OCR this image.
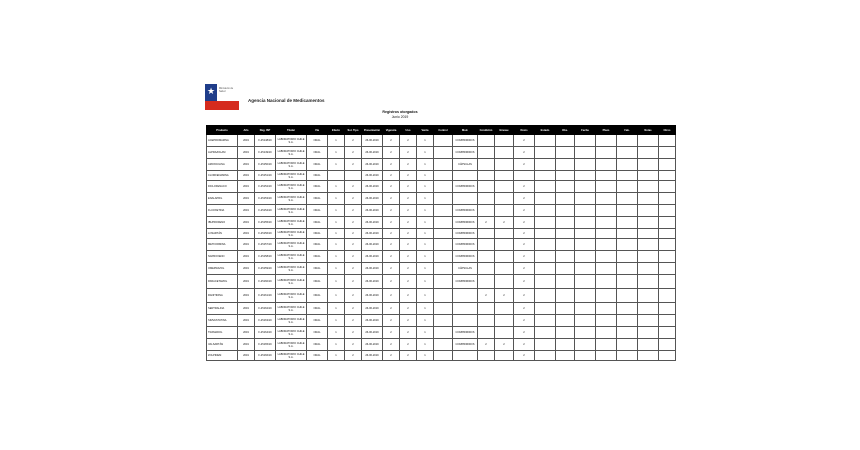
★ Ministerio de Salud
Agencia Nacional de Medicamentos
Registros otorgados
Junio 2019
Producto	Año	Reg. ISP	Titular	Vía	Efecto	Sol. Tipo	Presentación	Vigencia	Uso	Venta	Control	Mod.	Condición	Envase	Dosis	Estado	Obs.	Fecha	Plazo	Fab.	Notas	Otros
ACEPROMAZINA	2019	F-25148/19	LABORATORIO CHILE S.A.	ORAL	1	2	26-06-2019	2	2	1		COMPRIMIDOS			2							
ALPRAZOLAM	2019	F-25149/19	LABORATORIO CHILE S.A.	ORAL	1	2	26-06-2019	2	2	1		COMPRIMIDOS			2							
AMOXICILINA	2019	F-25150/19	LABORATORIO CHILE S.A.	ORAL	1	2	26-06-2019	2	2	1		CÁPSULAS			2							
CLORFENAMINA	2019	F-25151/19	LABORATORIO CHILE S.A.	ORAL			26-06-2019	2	2	1												
DICLOFENACO	2019	F-25152/19	LABORATORIO CHILE S.A.	ORAL	1	2	26-06-2019	2	2	1		COMPRIMIDOS			2							
ENALAPRIL	2019	F-25153/19	LABORATORIO CHILE S.A.	ORAL	1	2	26-06-2019	2	2	1					2							
FLUOXETINA	2019	F-25154/19	LABORATORIO CHILE S.A.	ORAL	1	2	26-06-2019	2	2	1		COMPRIMIDOS			2							
IBUPROFENO	2019	F-25155/19	LABORATORIO CHILE S.A.	ORAL	1	2	26-06-2019	2	2	1		COMPRIMIDOS	2	2	2							
LOSARTÁN	2019	F-25156/19	LABORATORIO CHILE S.A.	ORAL	1	2	26-06-2019	2	2	1		COMPRIMIDOS			2							
METFORMINA	2019	F-25157/19	LABORATORIO CHILE S.A.	ORAL	1	2	26-06-2019	2	2	1		COMPRIMIDOS			2							
NAPROXENO	2019	F-25158/19	LABORATORIO CHILE S.A.	ORAL	1	2	26-06-2019	2	2	1		COMPRIMIDOS			2							
OMEPRAZOL	2019	F-25159/19	LABORATORIO CHILE S.A.	ORAL	1	2	26-06-2019	2	2	1		CÁPSULAS			2							
PARACETAMOL	2019	F-25160/19	LABORATORIO CHILE S.A.	ORAL	1	2	26-06-2019	2	2	1		COMPRIMIDOS			2							
RANITIDINA	2019	F-25161/19	LABORATORIO CHILE S.A.	ORAL	1	2	26-06-2019	2	2	1			2	2	2							
SERTRALINA	2019	F-25162/19	LABORATORIO CHILE S.A.	ORAL	1	2	26-06-2019	2	2	1					2							
SIMVASTATINA	2019	F-25163/19	LABORATORIO CHILE S.A.	ORAL	1	2	26-06-2019	2	2	1					2							
TRAMADOL	2019	F-25164/19	LABORATORIO CHILE S.A.	ORAL	1	2	26-06-2019	2	2	1		COMPRIMIDOS			2							
VALSARTÁN	2019	F-25165/19	LABORATORIO CHILE S.A.	ORAL	1	2	26-06-2019	2	2	1		COMPRIMIDOS	2	2	2							
ZOLPIDEM	2019	F-25166/19	LABORATORIO CHILE S.A.	ORAL	1	2	26-06-2019	2	2	1					2							
